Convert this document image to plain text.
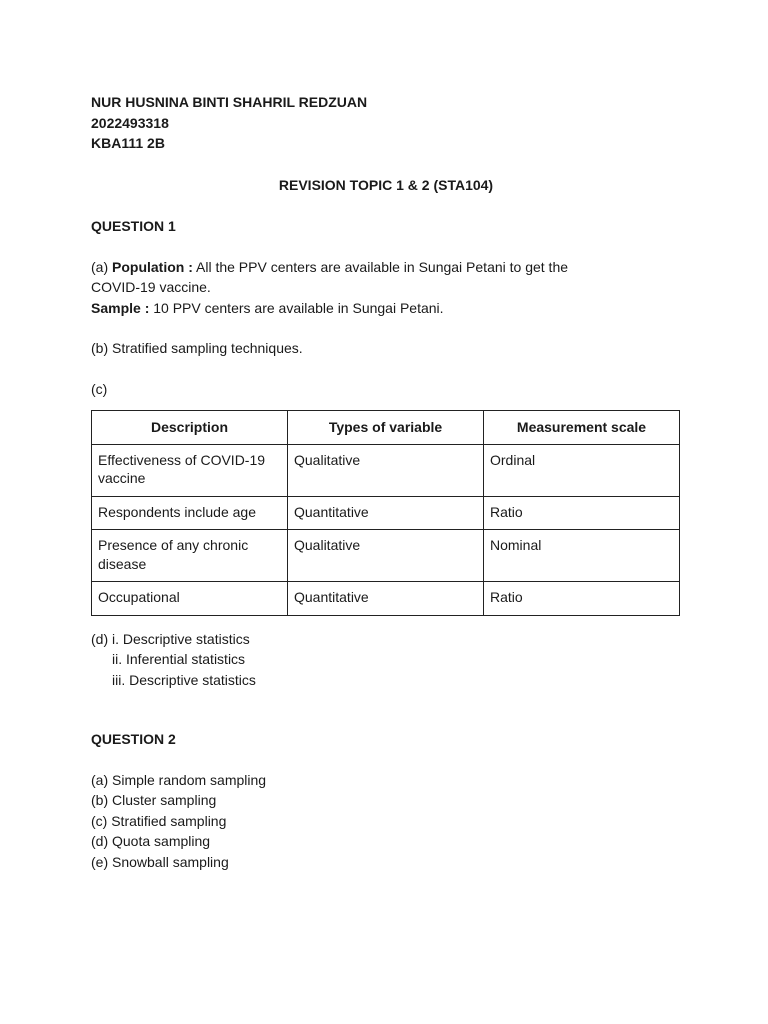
NUR HUSNINA BINTI SHAHRIL REDZUAN

2022493318

KBA111 2B

REVISION TOPIC 1 & 2 (STA104)

QUESTION 1

(a) Population : All the PPV centers are available in Sungai Petani to get the

COVID-19 vaccine.

Sample : 10 PPV centers are available in Sungai Petani.

(b) Stratified sampling techniques.

(c)

Description	Types of variable	Measurement scale
Effectiveness of COVID-19 vaccine	Qualitative	Ordinal
Respondents include age	Quantitative	Ratio
Presence of any chronic disease	Qualitative	Nominal
Occupational	Quantitative	Ratio

(d) i. Descriptive statistics

ii. Inferential statistics

iii. Descriptive statistics

QUESTION 2

(a) Simple random sampling

(b) Cluster sampling

(c) Stratified sampling

(d) Quota sampling

(e) Snowball sampling
